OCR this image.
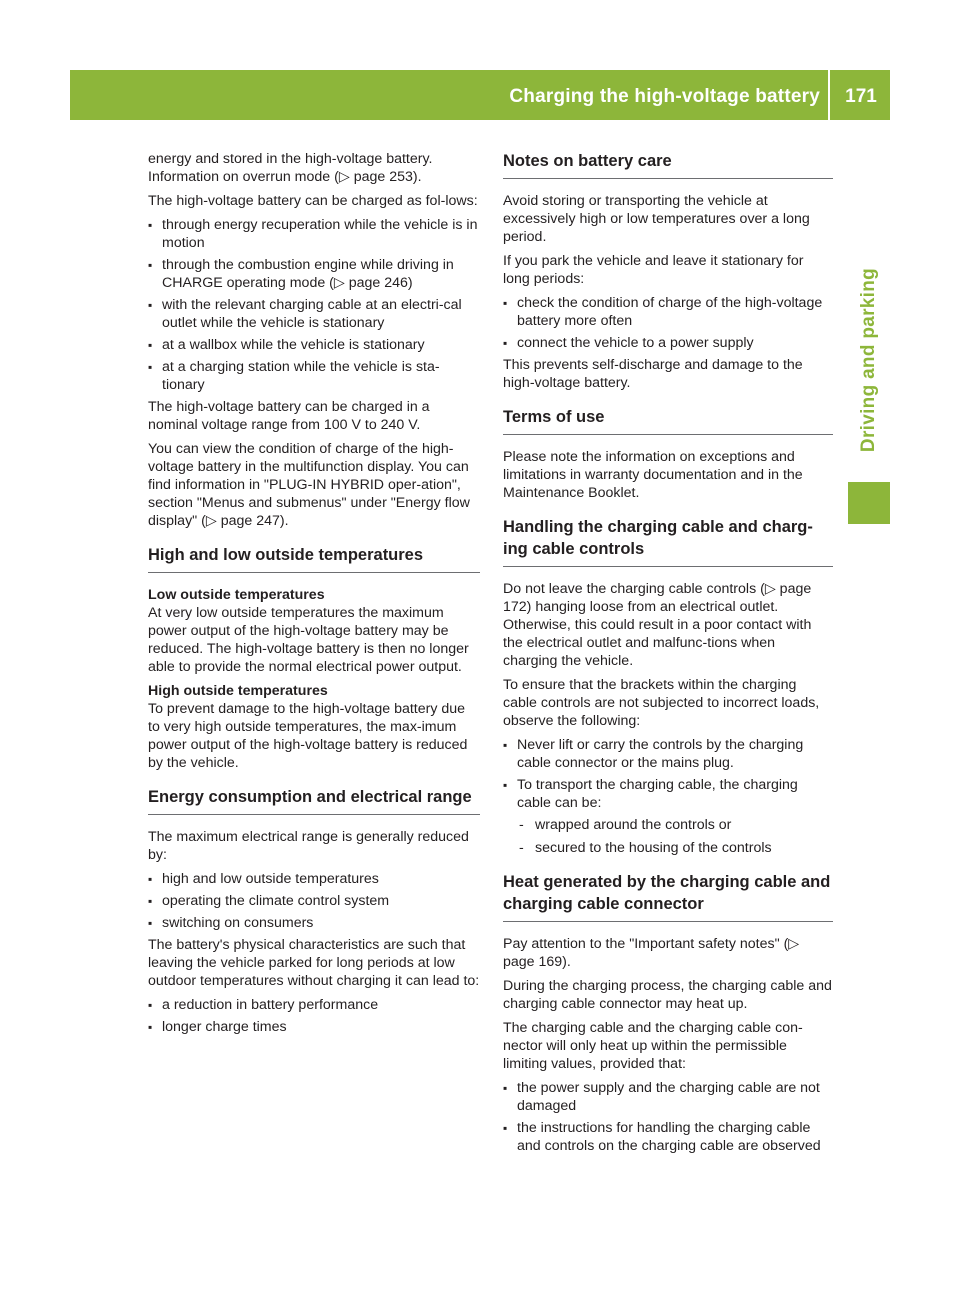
Charging the high-voltage battery	171
Driving and parking

energy and stored in the high-voltage battery. Information on overrun mode (▷ page 253).

The high-voltage battery can be charged as fol-lows:

▪ through energy recuperation while the vehicle is in motion
▪ through the combustion engine while driving in CHARGE operating mode (▷ page 246)
▪ with the relevant charging cable at an electri-cal outlet while the vehicle is stationary
▪ at a wallbox while the vehicle is stationary
▪ at a charging station while the vehicle is sta-tionary

The high-voltage battery can be charged in a nominal voltage range from 100 V to 240 V.

You can view the condition of charge of the high-voltage battery in the multifunction display. You can find information in "PLUG-IN HYBRID oper-ation", section "Menus and submenus" under "Energy flow display" (▷ page 247).

High and low outside temperatures

Low outside temperatures

At very low outside temperatures the maximum power output of the high-voltage battery may be reduced. The high-voltage battery is then no longer able to provide the normal electrical power output.

High outside temperatures

To prevent damage to the high-voltage battery due to very high outside temperatures, the max-imum power output of the high-voltage battery is reduced by the vehicle.

Energy consumption and electrical range

The maximum electrical range is generally reduced by:

▪ high and low outside temperatures
▪ operating the climate control system
▪ switching on consumers

The battery's physical characteristics are such that leaving the vehicle parked for long periods at low outdoor temperatures without charging it can lead to:

▪ a reduction in battery performance
▪ longer charge times
Notes on battery care

Avoid storing or transporting the vehicle at excessively high or low temperatures over a long period.

If you park the vehicle and leave it stationary for long periods:

▪ check the condition of charge of the high-voltage battery more often
▪ connect the vehicle to a power supply

This prevents self-discharge and damage to the high-voltage battery.

Terms of use

Please note the information on exceptions and limitations in warranty documentation and in the Maintenance Booklet.

Handling the charging cable and charg-ing cable controls

Do not leave the charging cable controls (▷ page 172) hanging loose from an electrical outlet. Otherwise, this could result in a poor contact with the electrical outlet and malfunc-tions when charging the vehicle.

To ensure that the brackets within the charging cable controls are not subjected to incorrect loads, observe the following:

▪ Never lift or carry the controls by the charging cable connector or the mains plug.
▪ To transport the charging cable, the charging cable can be:
- wrapped around the controls or
- secured to the housing of the controls
Heat generated by the charging cable and charging cable connector

Pay attention to the "Important safety notes" (▷ page 169).

During the charging process, the charging cable and charging cable connector may heat up.

The charging cable and the charging cable con-nector will only heat up within the permissible limiting values, provided that:

▪ the power supply and the charging cable are not damaged
▪ the instructions for handling the charging cable and controls on the charging cable are observed
